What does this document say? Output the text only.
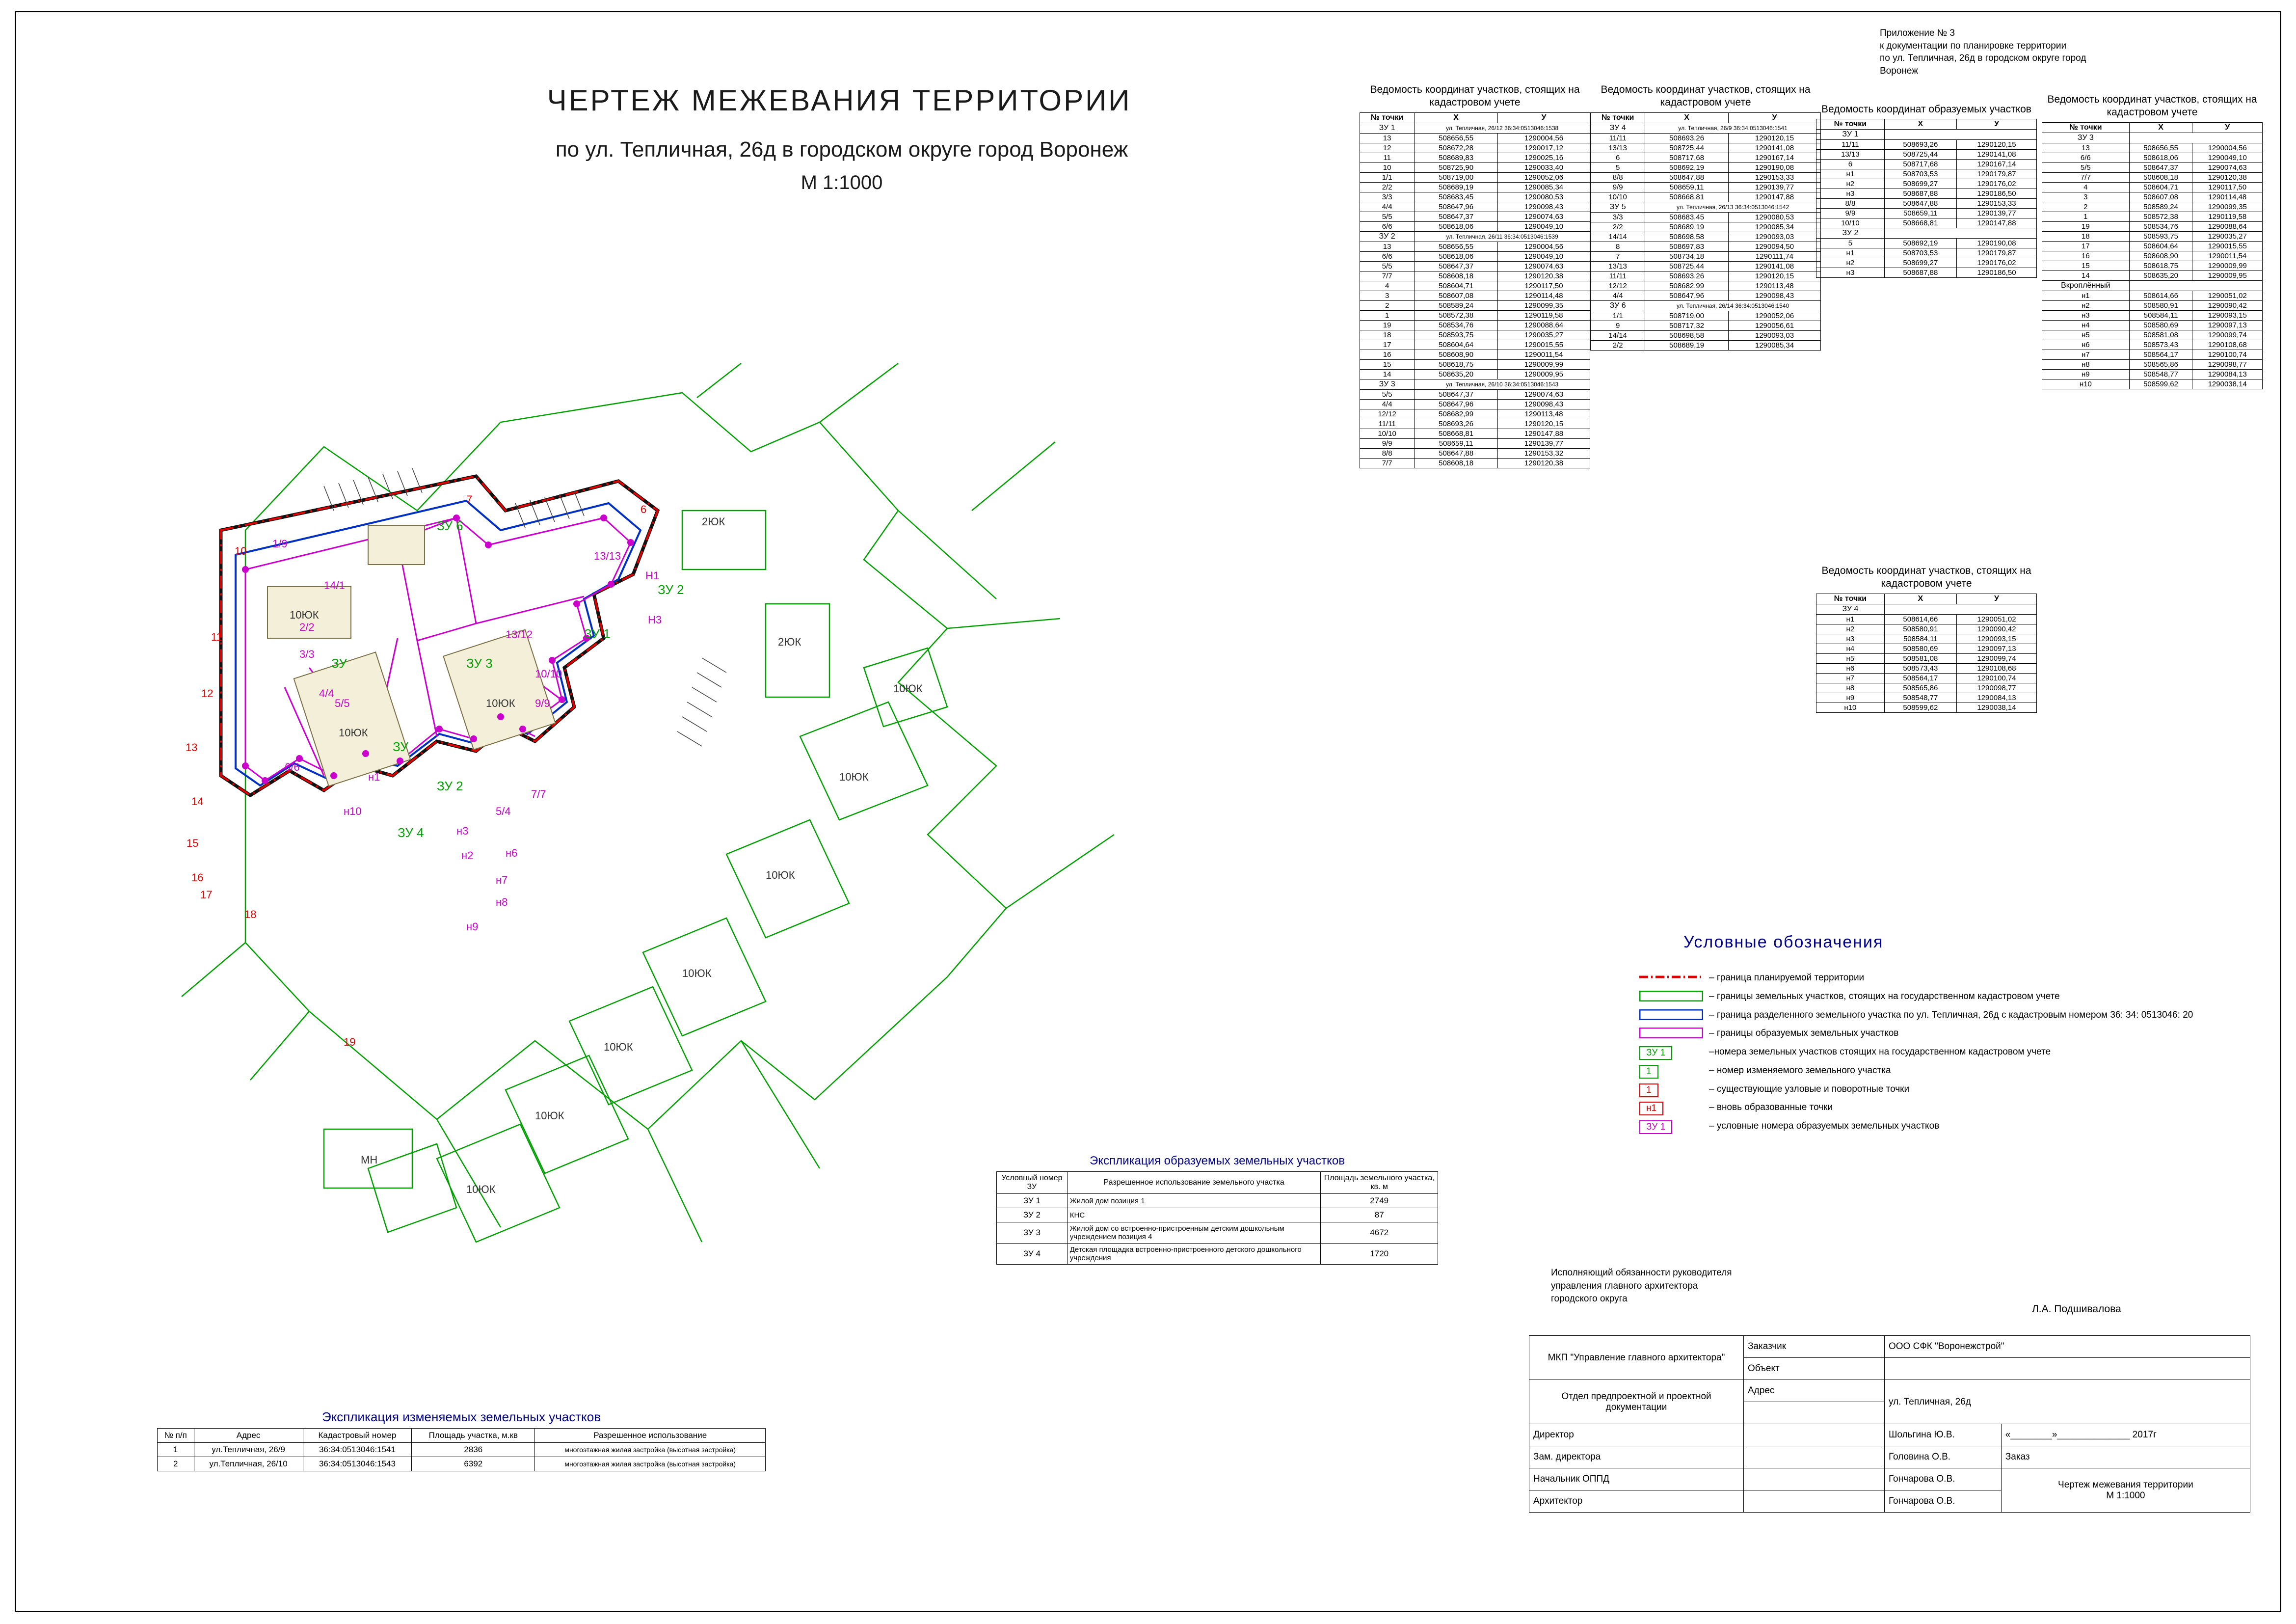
ЧЕРТЕЖ МЕЖЕВАНИЯ ТЕРРИТОРИИ
по ул. Тепличная, 26д в городском округе город Воронеж
М 1:1000
Приложение № 3
к документации по планировке территории
по ул. Тепличная, 26д в городском округе город
Воронеж
10
7
11
12
13
14
15
16
17
18
19
6
1/9
14/1
2/2
3/3
4/4
13/13
13/12
10/10
9/9
7/7
6/6
5/5
5/4
н1
н10
н3
н2	н6
н7
н8
н9
Н3
Н1
ЗУ 6
ЗУ 2
ЗУ 1
ЗУ 3
ЗУ
ЗУ
ЗУ 2
ЗУ 4
2ЮК
2ЮК
10ЮК
10ЮК
10ЮК
10ЮК
10ЮК
10ЮК
МН
10ЮК
10ЮК
10ЮК
10ЮК
Ведомость координат участков, стоящих на кадастровом учете
№ точки	X	У
ЗУ 1	ул. Тепличная, 26/12 36:34:0513046:1538	
13	508656,55	1290004,56
12	508672,28	1290017,12
11	508689,83	1290025,16
10	508725,90	1290033,40
1/1	508719,00	1290052,06
2/2	508689,19	1290085,34
3/3	508683,45	1290080,53
4/4	508647,96	1290098,43
5/5	508647,37	1290074,63
6/6	508618,06	1290049,10
ЗУ 2	ул. Тепличная, 26/11 36:34:0513046:1539	
13	508656,55	1290004,56
6/6	508618,06	1290049,10
5/5	508647,37	1290074,63
7/7	508608,18	1290120,38
4	508604,71	1290117,50
3	508607,08	1290114,48
2	508589,24	1290099,35
1	508572,38	1290119,58
19	508534,76	1290088,64
18	508593,75	1290035,27
17	508604,64	1290015,55
16	508608,90	1290011,54
15	508618,75	1290009,99
14	508635,20	1290009,95
ЗУ 3	ул. Тепличная, 26/10 36:34:0513046:1543	
5/5	508647,37	1290074,63
4/4	508647,96	1290098,43
12/12	508682,99	1290113,48
11/11	508693,26	1290120,15
10/10	508668,81	1290147,88
9/9	508659,11	1290139,77
8/8	508647,88	1290153,32
7/7	508608,18	1290120,38
Ведомость координат участков, стоящих на кадастровом учете
№ точки	X	У
ЗУ 4	ул. Тепличная, 26/9 36:34:0513046:1541	
11/11	508693,26	1290120,15
13/13	508725,44	1290141,08
6	508717,68	1290167,14
5	508692,19	1290190,08
8/8	508647,88	1290153,33
9/9	508659,11	1290139,77
10/10	508668,81	1290147,88
ЗУ 5	ул. Тепличная, 26/13 36:34:0513046:1542	
3/3	508683,45	1290080,53
2/2	508689,19	1290085,34
14/14	508698,58	1290093,03
8	508697,83	1290094,50
7	508734,18	1290111,74
13/13	508725,44	1290141,08
11/11	508693,26	1290120,15
12/12	508682,99	1290113,48
4/4	508647,96	1290098,43
ЗУ 6	ул. Тепличная, 26/14 36:34:0513046:1540	
1/1	508719,00	1290052,06
9	508717,32	1290056,61
14/14	508698,58	1290093,03
2/2	508689,19	1290085,34
Ведомость координат образуемых участков
№ точки	X	У
ЗУ 1		
11/11	508693,26	1290120,15
13/13	508725,44	1290141,08
6	508717,68	1290167,14
н1	508703,53	1290179,87
н2	508699,27	1290176,02
н3	508687,88	1290186,50
8/8	508647,88	1290153,33
9/9	508659,11	1290139,77
10/10	508668,81	1290147,88
ЗУ 2		
5	508692,19	1290190,08
н1	508703,53	1290179,87
н2	508699,27	1290176,02
н3	508687,88	1290186,50
Ведомость координат участков, стоящих на кадастровом учете
№ точки	X	У
ЗУ 4		
н1	508614,66	1290051,02
н2	508580,91	1290090,42
н3	508584,11	1290093,15
н4	508580,69	1290097,13
н5	508581,08	1290099,74
н6	508573,43	1290108,68
н7	508564,17	1290100,74
н8	508565,86	1290098,77
н9	508548,77	1290084,13
н10	508599,62	1290038,14
Ведомость координат участков, стоящих на кадастровом учете
№ точки	X	У
ЗУ 3		
13	508656,55	1290004,56
6/6	508618,06	1290049,10
5/5	508647,37	1290074,63
7/7	508608,18	1290120,38
4	508604,71	1290117,50
3	508607,08	1290114,48
2	508589,24	1290099,35
1	508572,38	1290119,58
19	508534,76	1290088,64
18	508593,75	1290035,27
17	508604,64	1290015,55
16	508608,90	1290011,54
15	508618,75	1290009,99
14	508635,20	1290009,95
Вкроплённый		
н1	508614,66	1290051,02
н2	508580,91	1290090,42
н3	508584,11	1290093,15
н4	508580,69	1290097,13
н5	508581,08	1290099,74
н6	508573,43	1290108,68
н7	508564,17	1290100,74
н8	508565,86	1290098,77
н9	508548,77	1290084,13
н10	508599,62	1290038,14
Условные обозначения
– граница планируемой территории
– границы земельных участков, стоящих на государственном кадастровом учете
– граница разделенного земельного участка по ул. Тепличная, 26д с кадастровым номером 36: 34: 0513046: 20
– границы образуемых земельных участков
ЗУ 1	–номера земельных участков стоящих на государственном кадастровом учете
1	– номер изменяемого земельного участка
1	– существующие узловые и поворотные точки
н1	– вновь образованные точки
ЗУ 1	– условные номера образуемых земельных участков
Экспликация образуемых земельных участков
Условный номер ЗУ	Разрешенное использование земельного участка	Площадь земельного участка, кв. м
ЗУ 1	Жилой дом позиция 1	2749
ЗУ 2	КНС	87
ЗУ 3	Жилой дом со встроенно-пристроенным детским дошкольным учреждением позиция 4	4672
ЗУ 4	Детская площадка встроенно-пристроенного детского дошкольного учреждения	1720
Экспликация изменяемых земельных участков
№ п/п	Адрес	Кадастровый номер	Площадь участка, м.кв	Разрешенное использование
1	ул.Тепличная, 26/9	36:34:0513046:1541	2836	многоэтажная жилая застройка (высотная застройка)
2	ул.Тепличная, 26/10	36:34:0513046:1543	6392	многоэтажная жилая застройка (высотная застройка)
Исполняющий обязанности руководителя
управления главного архитектора
городского округа
Л.А. Подшивалова
МКП "Управление главного архитектора"	Заказчик	ООО СФК "Воронежстрой"	
	Объект		
Отдел предпроектной и проектной документации	Адрес	ул. Тепличная, 26д	

Директор		Шольгина Ю.В.	«________»______________ 2017г
Зам. директора		Головина О.В.	Заказ
Начальник ОППД		Гончарова О.В.	Чертеж межевания территории
М 1:1000

Архитектор		Гончарова О.В.	
